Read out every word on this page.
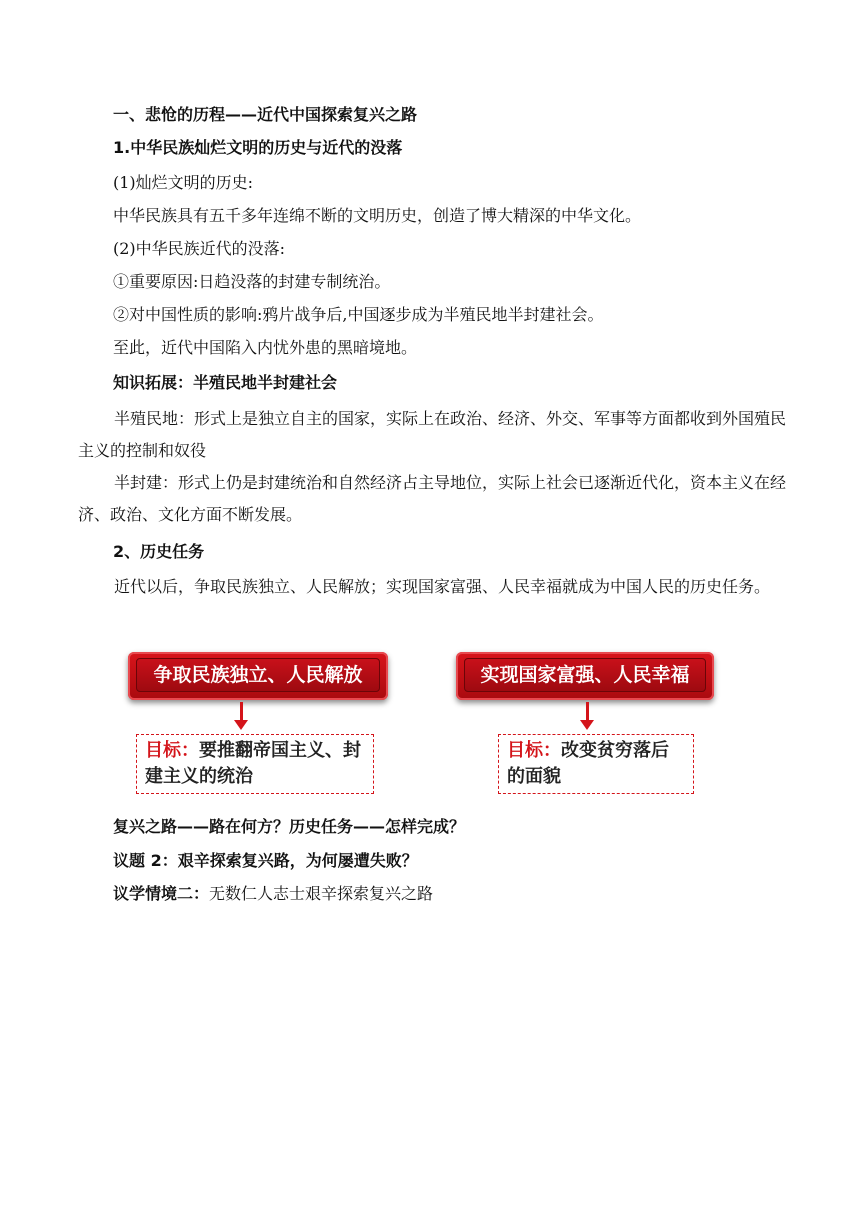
一、悲怆的历程——近代中国探索复兴之路
1.中华民族灿烂文明的历史与近代的没落
(1)灿烂文明的历史:
中华民族具有五千多年连绵不断的文明历史，创造了博大精深的中华文化。
(2)中华民族近代的没落:
①重要原因:日趋没落的封建专制统治。
②对中国性质的影响:鸦片战争后,中国逐步成为半殖民地半封建社会。
至此，近代中国陷入内忧外患的黑暗境地。
知识拓展：半殖民地半封建社会
半殖民地：形式上是独立自主的国家，实际上在政治、经济、外交、军事等方面都收到外国殖民主义的控制和奴役
半封建：形式上仍是封建统治和自然经济占主导地位，实际上社会已逐渐近代化，资本主义在经济、政治、文化方面不断发展。
2、历史任务
近代以后，争取民族独立、人民解放；实现国家富强、人民幸福就成为中国人民的历史任务。
争取民族独立、人民解放
目标：要推翻帝国主义、封建主义的统治
实现国家富强、人民幸福
目标：改变贫穷落后的面貌
复兴之路——路在何方？历史任务——怎样完成？
议题 2：艰辛探索复兴路，为何屡遭失败？
议学情境二：无数仁人志士艰辛探索复兴之路
